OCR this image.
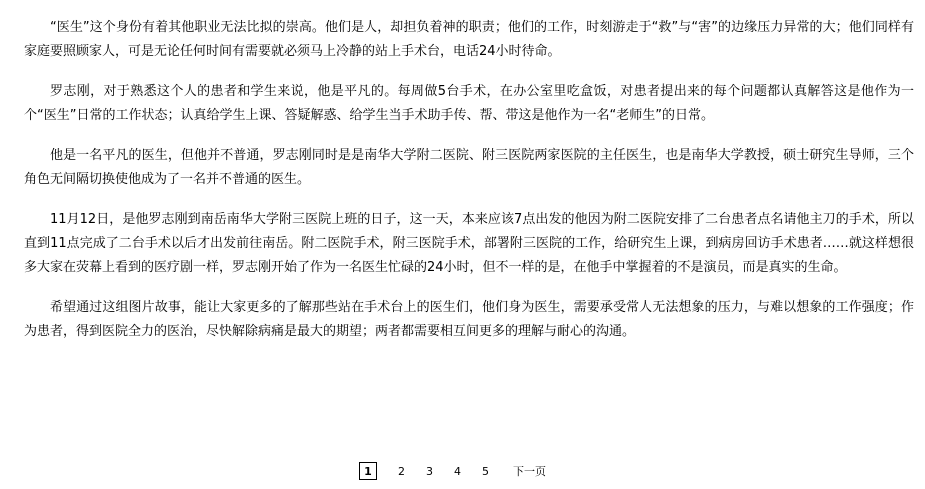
“医生”这个身份有着其他职业无法比拟的崇高。他们是人，却担负着神的职责；他们的工作，时刻游走于“救”与“害”的边缘压力异常的大；他们同样有家庭要照顾家人，可是无论任何时间有需要就必须马上冷静的站上手术台，电话24小时待命。

罗志刚，对于熟悉这个人的患者和学生来说，他是平凡的。每周做5台手术，在办公室里吃盒饭，对患者提出来的每个问题都认真解答这是他作为一个“医生”日常的工作状态；认真给学生上课、答疑解惑、给学生当手术助手传、帮、带这是他作为一名“老师生”的日常。

他是一名平凡的医生，但他并不普通，罗志刚同时是是南华大学附二医院、附三医院两家医院的主任医生，也是南华大学教授，硕士研究生导师，三个角色无间隔切换使他成为了一名并不普通的医生。

11月12日，是他罗志刚到南岳南华大学附三医院上班的日子，这一天，本来应该7点出发的他因为附二医院安排了二台患者点名请他主刀的手术，所以直到11点完成了二台手术以后才出发前往南岳。附二医院手术，附三医院手术，部署附三医院的工作，给研究生上课，到病房回访手术患者……就这样想很多大家在荧幕上看到的医疗剧一样，罗志刚开始了作为一名医生忙碌的24小时，但不一样的是，在他手中掌握着的不是演员，而是真实的生命。

希望通过这组图片故事，能让大家更多的了解那些站在手术台上的医生们，他们身为医生，需要承受常人无法想象的压力，与难以想象的工作强度；作为患者，得到医院全力的医治，尽快解除病痛是最大的期望；两者都需要相互间更多的理解与耐心的沟通。

1	2 3 4 5 下一页
